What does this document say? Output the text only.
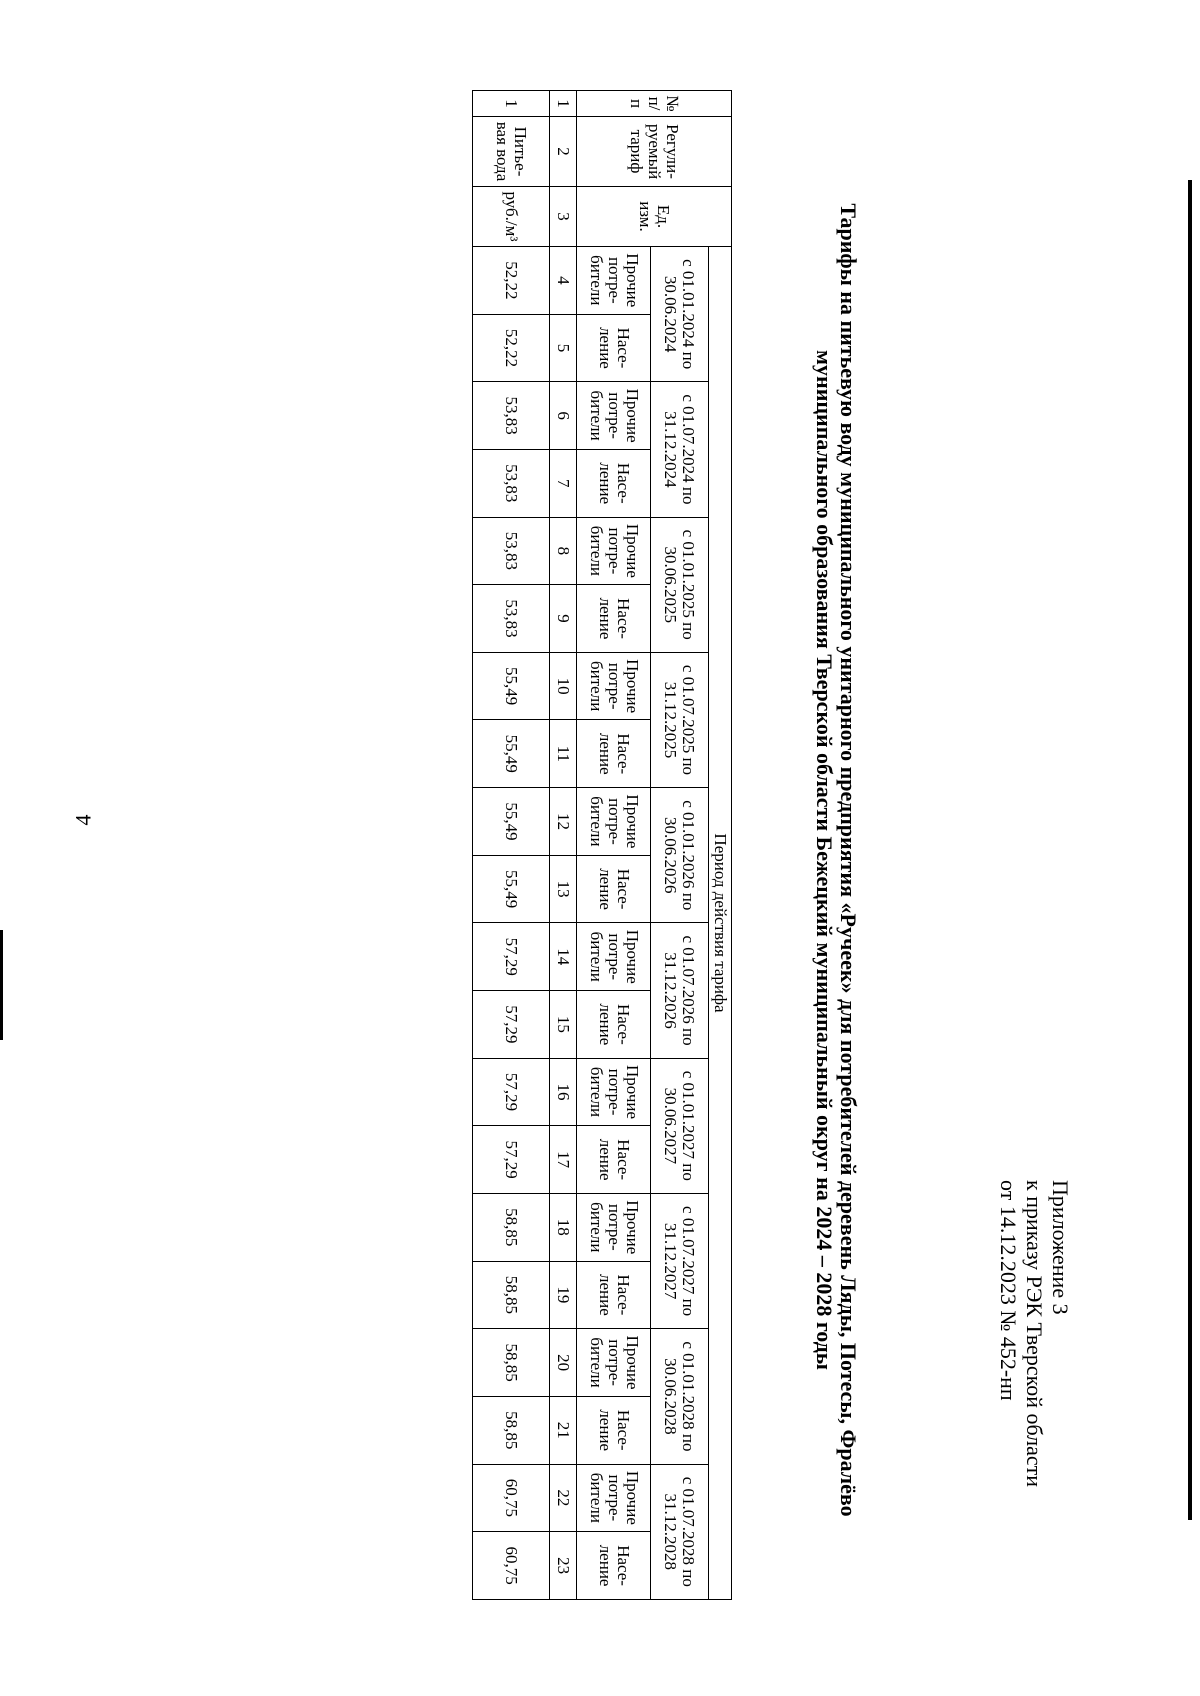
4
Приложение 3
к приказу РЭК Тверской области
от 14.12.2023 № 452-нп
Тарифы на питьевую воду муниципального унитарного предприятия «Ручеек» для потребителей деревень Ляды, Потесы, Фралёво
муниципального образования Тверской области Бежецкий муниципальный округ на 2024 – 2028 годы
№ п/п	Регули-руемый тариф	Ед. изм.	Период действия тарифа																			
			с 01.01.2024 по 30.06.2024		с 01.07.2024 по 31.12.2024		с 01.01.2025 по 30.06.2025		с 01.07.2025 по 31.12.2025		с 01.01.2026 по 30.06.2026		с 01.07.2026 по 31.12.2026		с 01.01.2027 по 30.06.2027		с 01.07.2027 по 31.12.2027		с 01.01.2028 по 30.06.2028		с 01.07.2028 по 31.12.2028	
			Прочие потре-бители	Насе-ление	Прочие потре-бители	Насе-ление	Прочие потре-бители	Насе-ление	Прочие потре-бители	Насе-ление	Прочие потре-бители	Насе-ление	Прочие потре-бители	Насе-ление	Прочие потре-бители	Насе-ление	Прочие потре-бители	Насе-ление	Прочие потре-бители	Насе-ление	Прочие потре-бители	Насе-ление
1	2	3	4	5	6	7	8	9	10	11	12	13	14	15	16	17	18	19	20	21	22	23
1	Питье-вая вода	руб./м³	52,22	52,22	53,83	53,83	53,83	53,83	55,49	55,49	55,49	55,49	57,29	57,29	57,29	57,29	58,85	58,85	58,85	58,85	60,75	60,75
